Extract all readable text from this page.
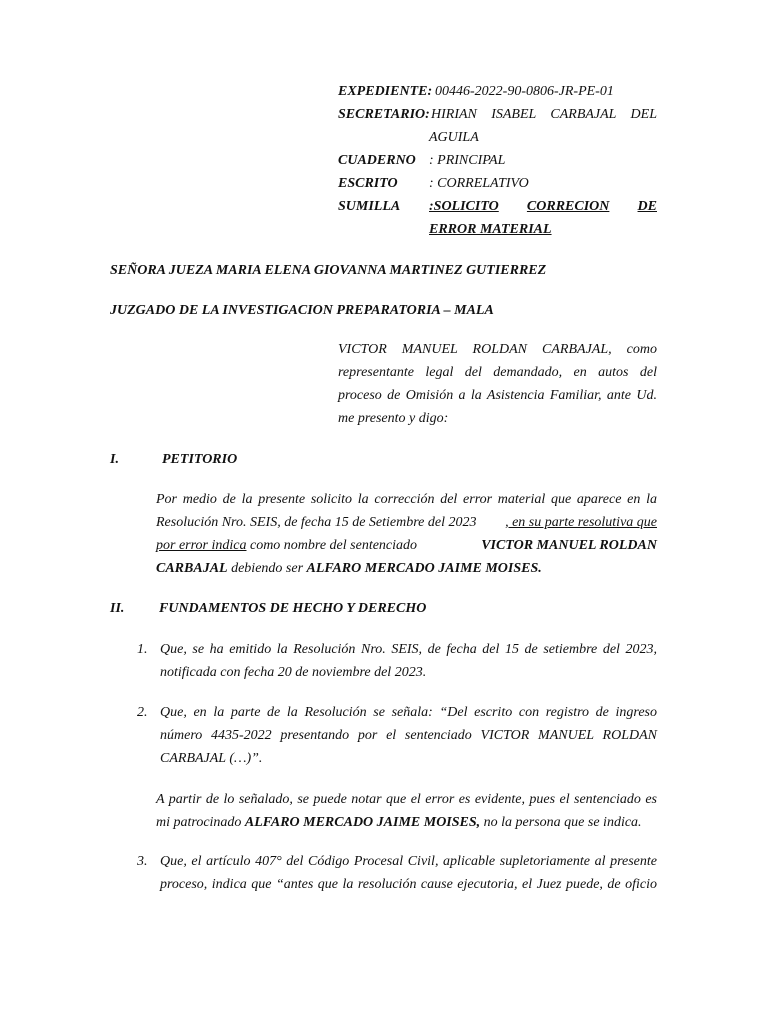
EXPEDIENTE: 00446-2022-90-0806-JR-PE-01
SECRETARIO: HIRIAN ISABEL CARBAJAL DEL
AGUILA
CUADERNO : PRINCIPAL
ESCRITO : CORRELATIVO
SUMILLA :SOLICITO CORRECION DE
ERROR MATERIAL
SEÑORA JUEZA MARIA ELENA GIOVANNA MARTINEZ GUTIERREZ
JUZGADO DE LA INVESTIGACION PREPARATORIA – MALA
VICTOR MANUEL ROLDAN CARBAJAL, como
representante legal del demandado, en autos del
proceso de Omisión a la Asistencia Familiar, ante Ud.
me presento y digo:
I.	PETITORIO
Por medio de la presente solicito la corrección del error material que aparece en la
Resolución Nro. SEIS, de fecha 15 de Setiembre del 2023	, en su parte resolutiva que
por error indica como nombre del sentenciado	VICTOR MANUEL ROLDAN
CARBAJAL debiendo ser ALFARO MERCADO JAIME MOISES.
II. FUNDAMENTOS DE HECHO Y DERECHO
1. Que, se ha emitido la Resolución Nro. SEIS, de fecha del 15 de setiembre del 2023,
notificada con fecha 20 de noviembre del 2023.
2. Que, en la parte de la Resolución se señala: “Del escrito con registro de ingreso
número 4435-2022 presentando por el sentenciado VICTOR MANUEL ROLDAN
CARBAJAL (…)”.
A partir de lo señalado, se puede notar que el error es evidente, pues el sentenciado es
mi patrocinado ALFARO MERCADO JAIME MOISES, no la persona que se indica.
3. Que, el artículo 407° del Código Procesal Civil, aplicable supletoriamente al presente
proceso, indica que “antes que la resolución cause ejecutoria, el Juez puede, de oficio
